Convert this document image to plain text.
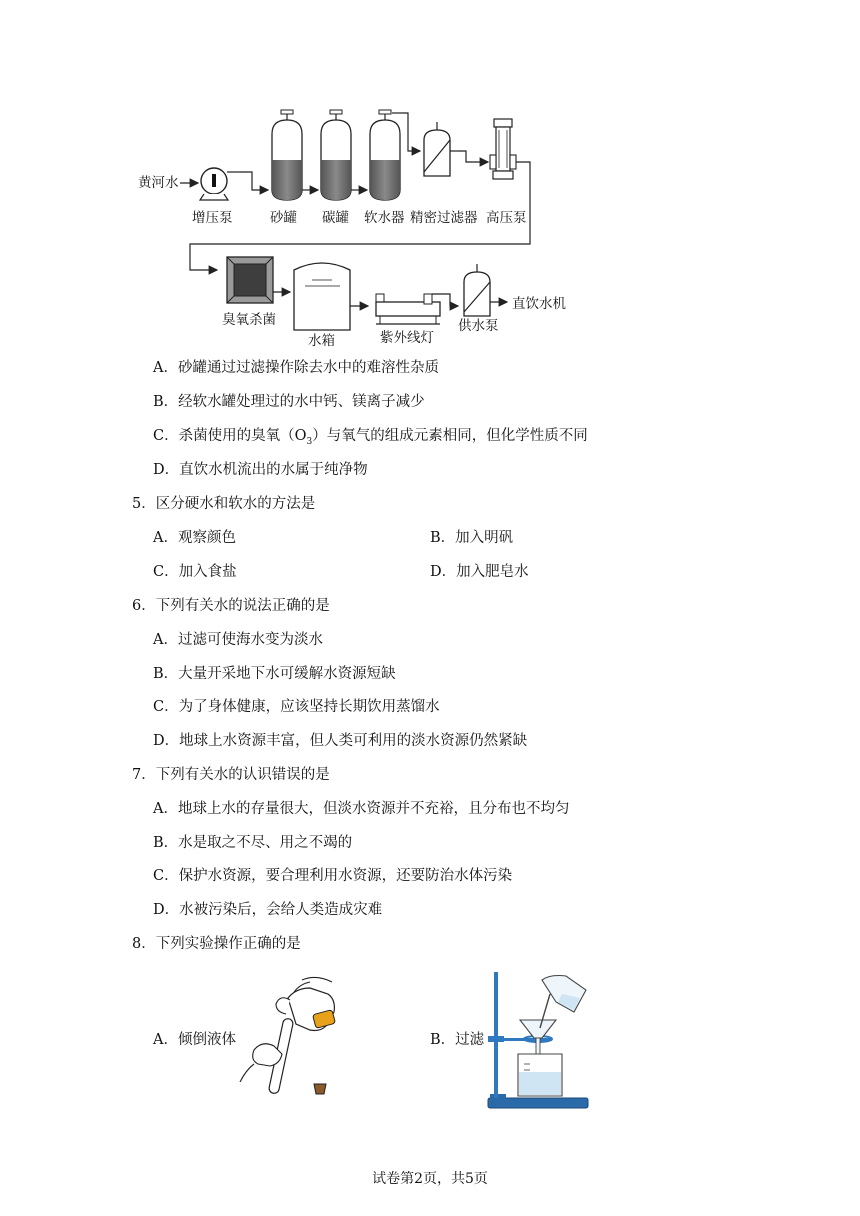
黄河水
增压泵	砂罐 碳罐 软水器 精密过滤器 高压泵
臭氧杀菌
水箱	紫外线灯
供水泵
直饮水机
A．砂罐通过过滤操作除去水中的难溶性杂质
B．经软水罐处理过的水中钙、镁离子减少
C．杀菌使用的臭氧$(O_3)$与氧气的组成元素相同，但化学性质不同
D．直饮水机流出的水属于纯净物
5．区分硬水和软水的方法是
A．观察颜色	B．加入明矾
C．加入食盐	D．加入肥皂水
6．下列有关水的说法正确的是
A．过滤可使海水变为淡水
B．大量开采地下水可缓解水资源短缺
C．为了身体健康，应该坚持长期饮用蒸馏水
D．地球上水资源丰富，但人类可利用的淡水资源仍然紧缺
7．下列有关水的认识错误的是
A．地球上水的存量很大，但淡水资源并不充裕，且分布也不均匀
B．水是取之不尽、用之不竭的
C．保护水资源，要合理利用水资源，还要防治水体污染
D．水被污染后，会给人类造成灾难
8．下列实验操作正确的是
A．倾倒液体	B．过滤
试卷第2页，共5页
